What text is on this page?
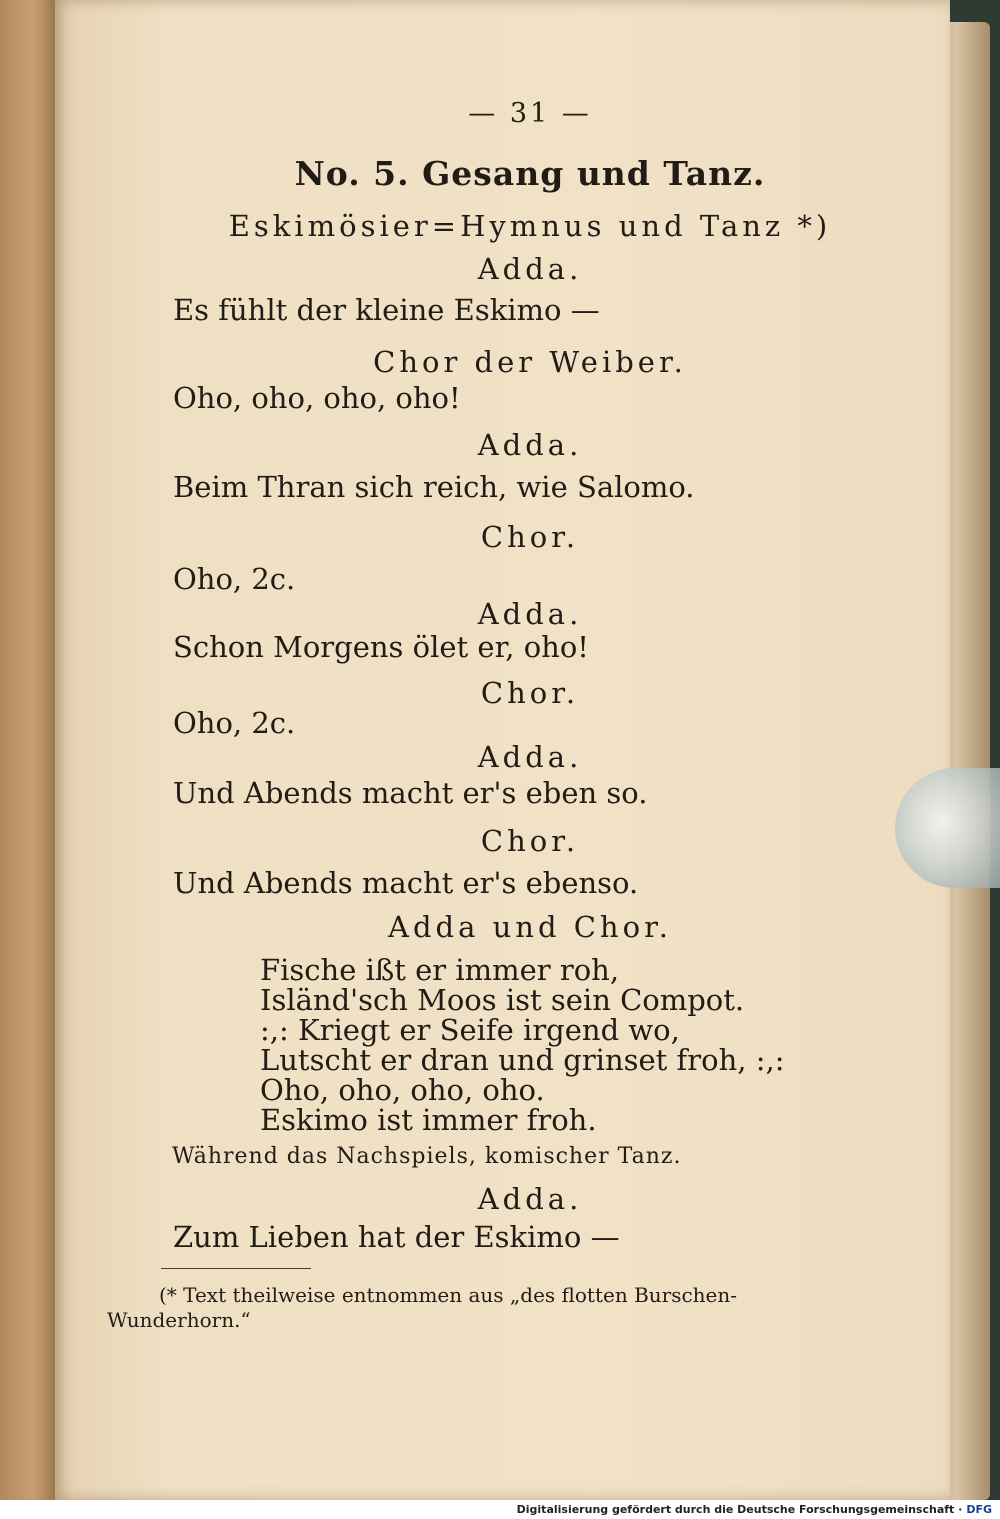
— 31 —
No. 5. Gesang und Tanz.
Eskimösier=Hymnus und Tanz *)
Adda.
Es fühlt der kleine Eskimo —
Chor der Weiber.
Oho, oho, oho, oho!
Adda.
Beim Thran sich reich, wie Salomo.
Chor.
Oho, 2c.
Adda.
Schon Morgens ölet er, oho!
Chor.
Oho, 2c.
Adda.
Und Abends macht er's eben so.
Chor.
Und Abends macht er's ebenso.
Adda und Chor.
Fische ißt er immer roh,
Isländ'sch Moos ist sein Compot.
:,: Kriegt er Seife irgend wo,
Lutscht er dran und grinset froh, :,:
Oho, oho, oho, oho.
Eskimo ist immer froh.
Während das Nachspiels, komischer Tanz.
Adda.
Zum Lieben hat der Eskimo —
(* Text theilweise entnommen aus „des flotten Burschen-
Wunderhorn.“
Digitalisierung gefördert durch die Deutsche Forschungsgemeinschaft · DFG
